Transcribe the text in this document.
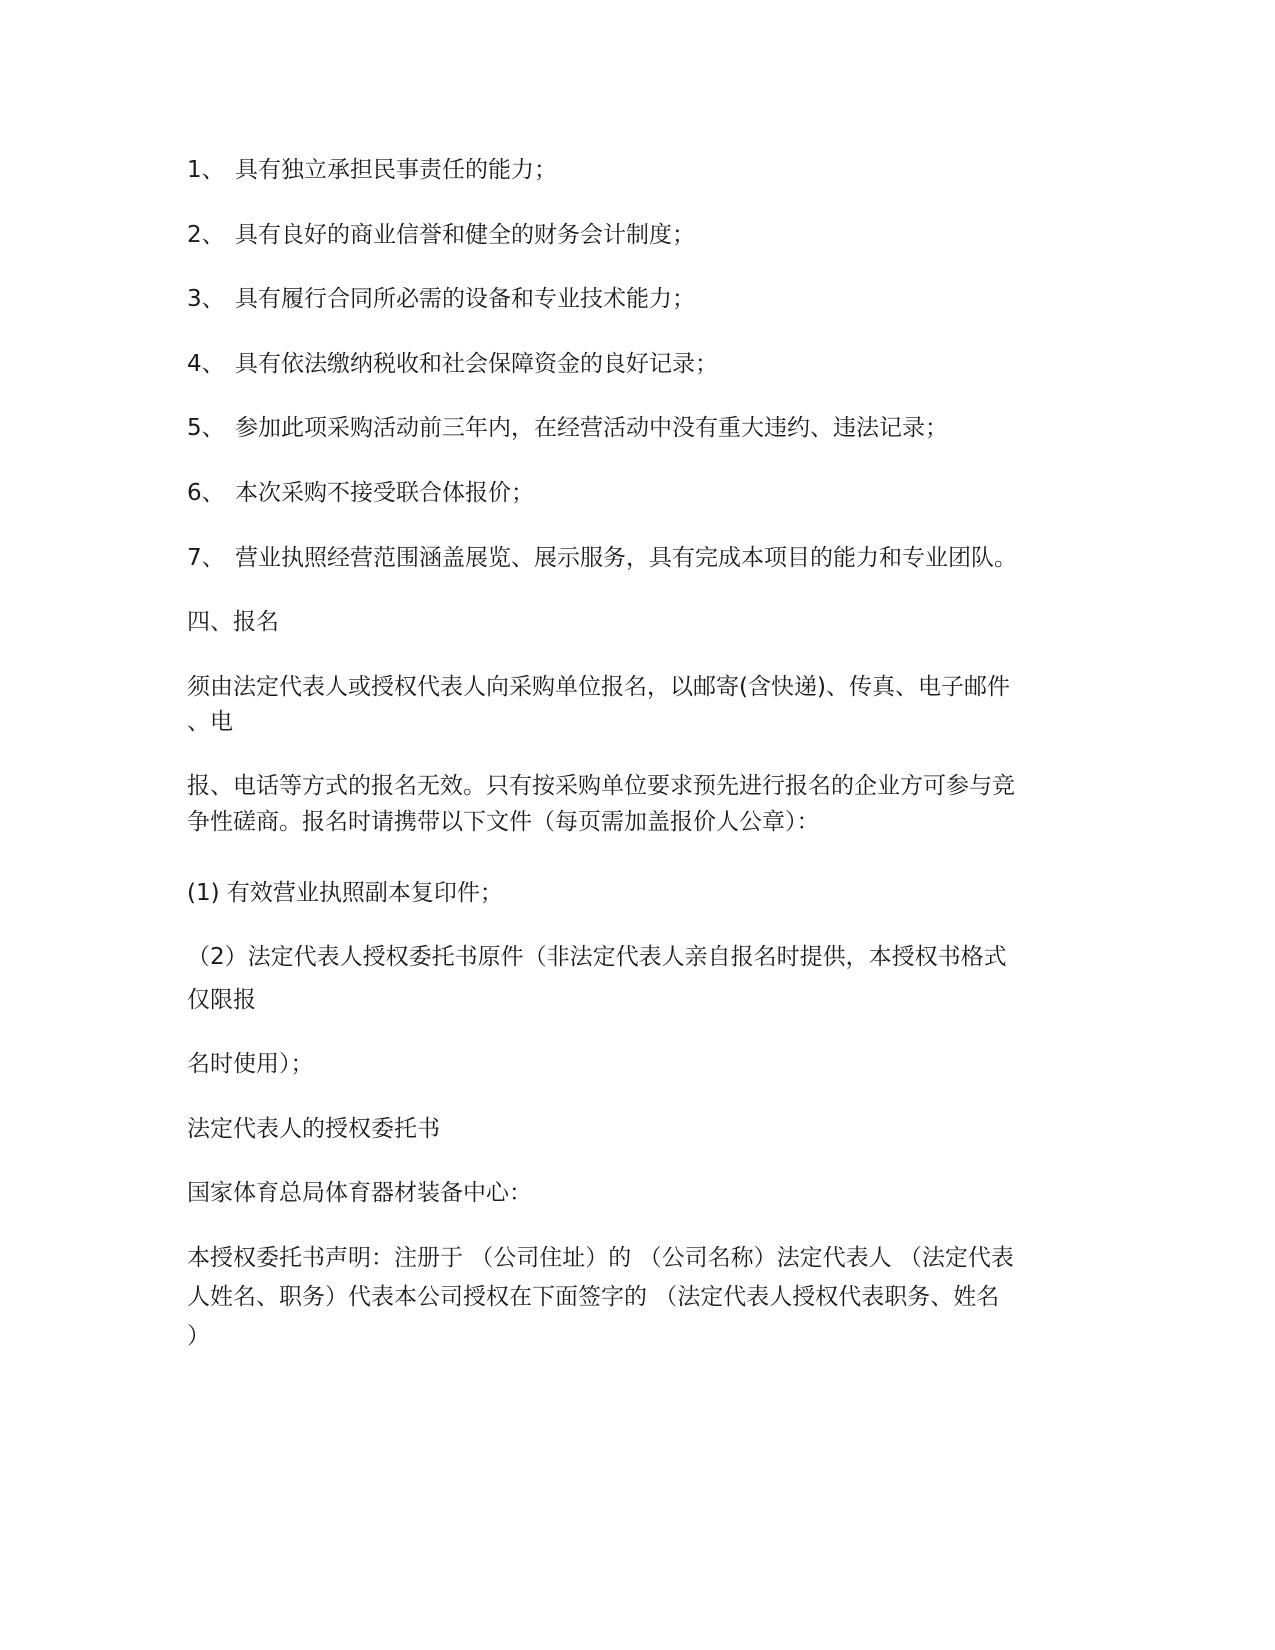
1、 具有独立承担民事责任的能力；

2、 具有良好的商业信誉和健全的财务会计制度；

3、 具有履行合同所必需的设备和专业技术能力；

4、 具有依法缴纳税收和社会保障资金的良好记录；

5、 参加此项采购活动前三年内，在经营活动中没有重大违约、违法记录；

6、 本次采购不接受联合体报价；

7、 营业执照经营范围涵盖展览、展示服务，具有完成本项目的能力和专业团队。

四、报名

须由法定代表人或授权代表人向采购单位报名，以邮寄(含快递)、传真、电子邮件

、电

报、电话等方式的报名无效。只有按采购单位要求预先进行报名的企业方可参与竞

争性磋商。报名时请携带以下文件（每页需加盖报价人公章）：

(1) 有效营业执照副本复印件；

（2）法定代表人授权委托书原件（非法定代表人亲自报名时提供，本授权书格式

仅限报

名时使用）；

法定代表人的授权委托书

国家体育总局体育器材装备中心：

本授权委托书声明：注册于 （公司住址）的 （公司名称）法定代表人 （法定代表

人姓名、职务）代表本公司授权在下面签字的 （法定代表人授权代表职务、姓名

）
